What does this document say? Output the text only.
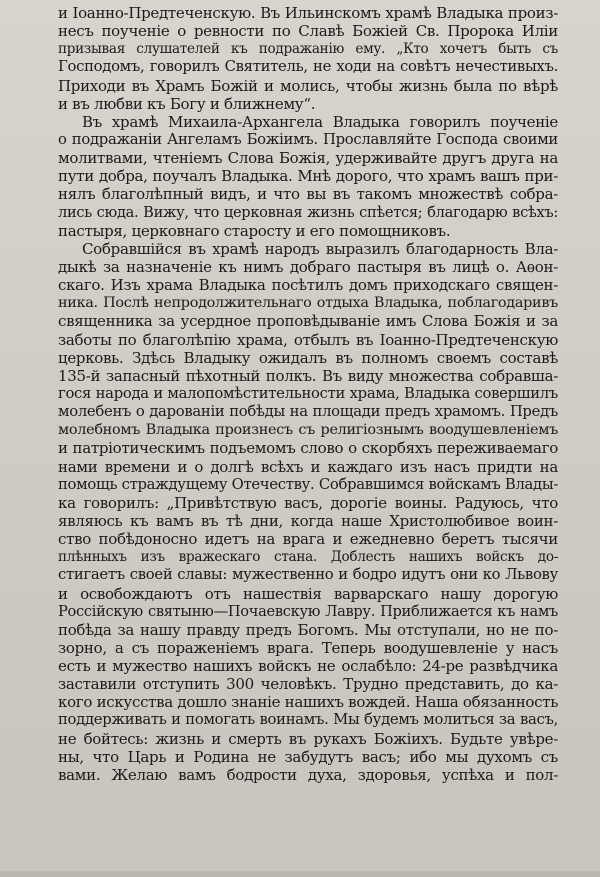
и Іоанно-Предтеченскую. Въ Ильинскомъ храмѣ Владыка произ-
несъ поученіе о ревности по Славѣ Божіей Св. Пророка Иліи
призывая слушателей къ подражанію ему. „Кто хочетъ быть съ
Господомъ, говорилъ Святитель, не ходи на совѣтъ нечестивыхъ.
Приходи въ Храмъ Божій и молись, чтобы жизнь была по вѣрѣ
и въ любви къ Богу и ближнему“.
Въ храмѣ Михаила-Архангела Владыка говорилъ поученіе
о подражаніи Ангеламъ Божіимъ. Прославляйте Господа своими
молитвами, чтеніемъ Слова Божія, удерживайте другъ друга на
пути добра, поучалъ Владыка. Мнѣ дорого, что храмъ вашъ при-
нялъ благолѣпный видъ, и что вы въ такомъ множествѣ собра-
лись сюда. Вижу, что церковная жизнь спѣется; благодарю всѣхъ:
пастыря, церковнаго старосту и его помощниковъ.
Собравшійся въ храмѣ народъ выразилъ благодарность Вла-
дыкѣ за назначеніе къ нимъ добраго пастыря въ лицѣ о. Аѳон-
скаго. Изъ храма Владыка посѣтилъ домъ приходскаго священ-
ника. Послѣ непродолжительнаго отдыха Владыка, поблагодаривъ
священника за усердное проповѣдываніе имъ Слова Божія и за
заботы по благолѣпію храма, отбылъ въ Іоанно-Предтеченскую
церковь. Здѣсь Владыку ожидалъ въ полномъ своемъ составѣ
135-й запасный пѣхотный полкъ. Въ виду множества собравша-
гося народа и малопомѣстительности храма, Владыка совершилъ
молебенъ о дарованіи побѣды на площади предъ храмомъ. Предъ
молебномъ Владыка произнесъ съ религіознымъ воодушевленіемъ
и патріотическимъ подъемомъ слово о скорбяхъ переживаемаго
нами времени и о долгѣ всѣхъ и каждаго изъ насъ придти на
помощь страждущему Отечеству. Собравшимся войскамъ Влады-
ка говорилъ: „Привѣтствую васъ, дорогіе воины. Радуюсь, что
являюсь къ вамъ въ тѣ дни, когда наше Христолюбивое воин-
ство побѣдоносно идетъ на врага и ежедневно беретъ тысячи
плѣнныхъ изъ вражескаго стана. Доблесть нашихъ войскъ до-
стигаетъ своей славы: мужественно и бодро идутъ они ко Львову
и освобождаютъ отъ нашествія варварскаго нашу дорогую
Россійскую святыню—Почаевскую Лавру. Приближается къ намъ
побѣда за нашу правду предъ Богомъ. Мы отступали, но не по-
зорно, а съ пораженіемъ врага. Теперь воодушевленіе у насъ
есть и мужество нашихъ войскъ не ослабѣло: 24-ре развѣдчика
заставили отступить 300 человѣкъ. Трудно представить, до ка-
кого искусства дошло знаніе нашихъ вождей. Наша обязанность
поддерживать и помогать воинамъ. Мы будемъ молиться за васъ,
не бойтесь: жизнь и смерть въ рукахъ Божіихъ. Будьте увѣре-
ны, что Царь и Родина не забудутъ васъ; ибо мы духомъ съ
вами. Желаю вамъ бодрости духа, здоровья, успѣха и пол-
